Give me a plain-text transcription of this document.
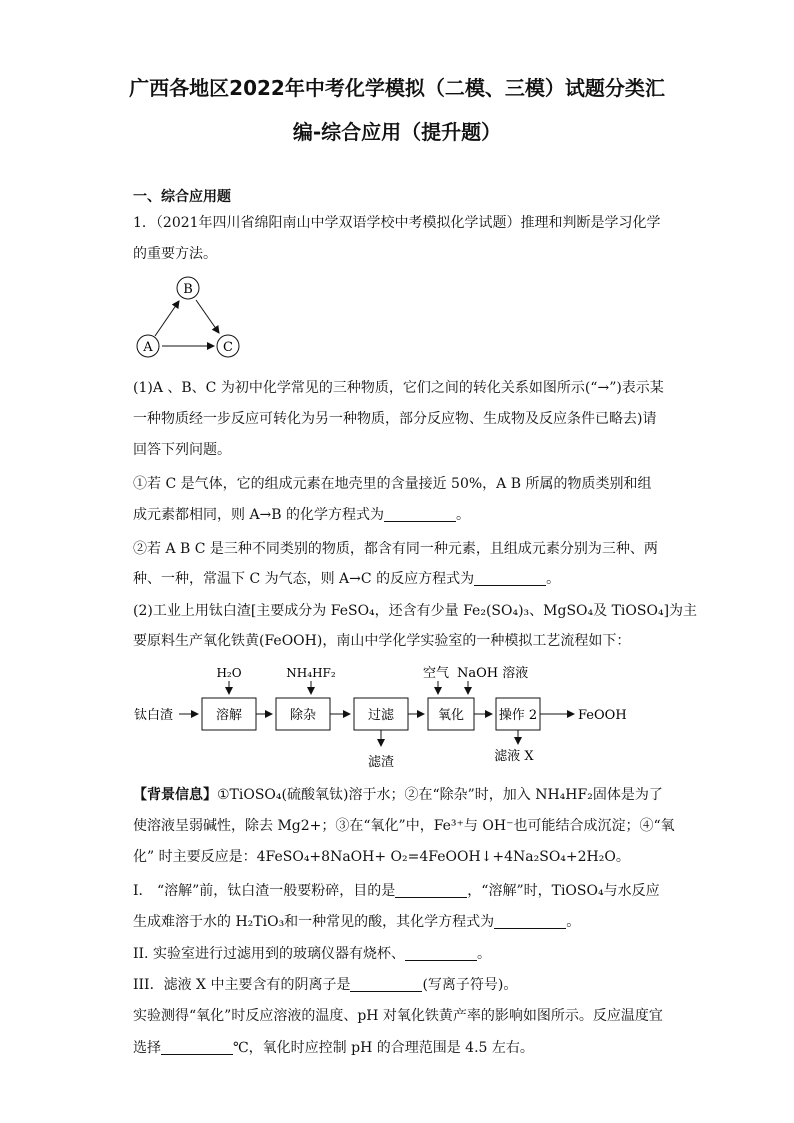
广西各地区2022年中考化学模拟（二模、三模）试题分类汇
编-综合应用（提升题）
一、综合应用题
1．（2021年四川省绵阳南山中学双语学校中考模拟化学试题）推理和判断是学习化学
的重要方法。
B
A	C
(1)A 、B、C 为初中化学常见的三种物质，它们之间的转化关系如图所示(“→”)表示某
一种物质经一步反应可转化为另一种物质，部分反应物、生成物及反应条件已略去)请
回答下列问题。
①若 C 是气体，它的组成元素在地壳里的含量接近 50%，A B 所属的物质类别和组
成元素都相同，则 A→B 的化学方程式为	。
②若 A B C 是三种不同类别的物质，都含有同一种元素，且组成元素分别为三种、两
种、一种，常温下 C 为气态，则 A→C 的反应方程式为	。
(2)工业上用钛白渣[主要成分为 FeSO₄，还含有少量 Fe₂(SO₄)₃、MgSO₄及 TiOSO₄]为主
要原料生产氧化铁黄(FeOOH)，南山中学化学实验室的一种模拟工艺流程如下：
钛白渣	溶解
H₂O
除杂
NH₄HF₂
过滤
滤渣
氧化
空气 NaOH 溶液
操作 2
滤液 X
FeOOH
【背景信息】①TiOSO₄(硫酸氧钛)溶于水；②在“除杂”时，加入 NH₄HF₂固体是为了
使溶液呈弱碱性，除去 Mg2+；③在“氧化”中，Fe³⁺与 OH⁻也可能结合成沉淀；④“氧
化” 时主要反应是：4FeSO₄+8NaOH+ O₂=4FeOOH↓+4Na₂SO₄+2H₂O。
I． “溶解”前，钛白渣一般要粉碎，目的是	，“溶解”时，TiOSO₄与水反应
生成难溶于水的 H₂TiO₃和一种常见的酸，其化学方程式为	。
II. 实验室进行过滤用到的玻璃仪器有烧杯、	。
III．滤液 X 中主要含有的阴离子是	(写离子符号)。
实验测得“氧化”时反应溶液的温度、pH 对氧化铁黄产率的影响如图所示。反应温度宜
选择	℃，氧化时应控制 pH 的合理范围是 4.5 左右。
